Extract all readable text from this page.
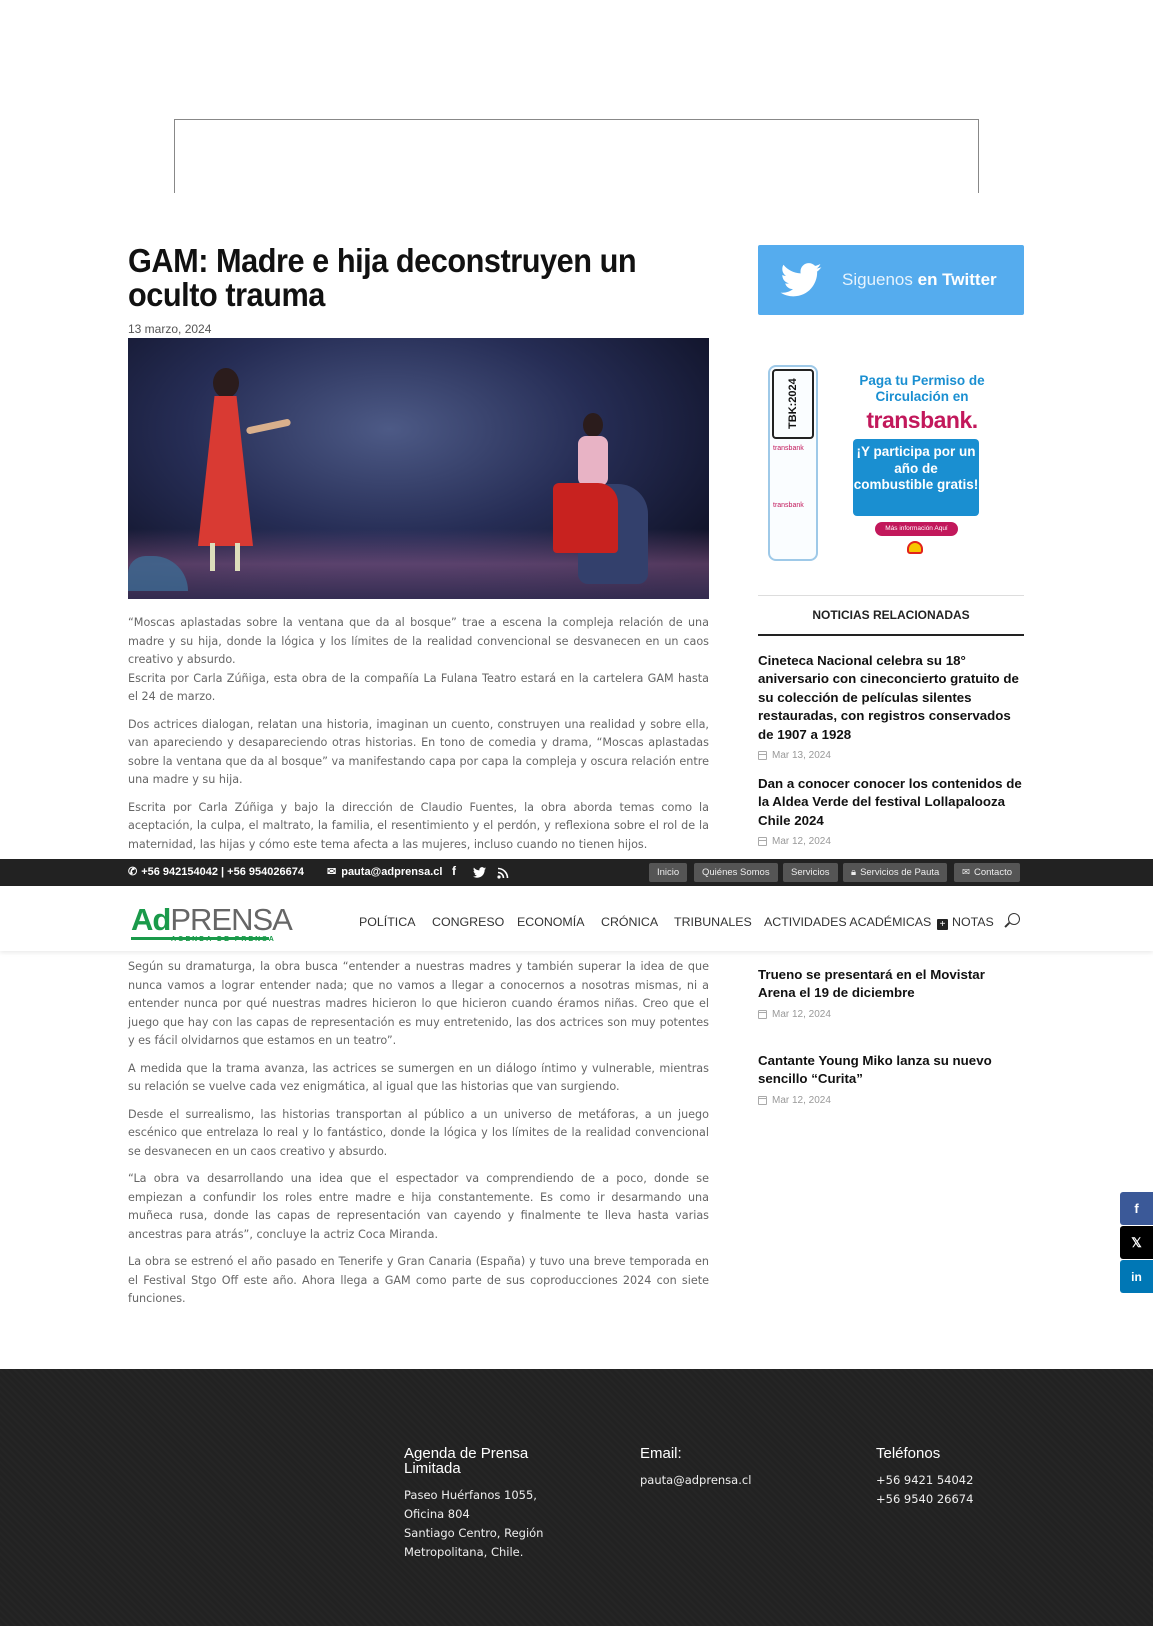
GAM: Madre e hija deconstruyen un oculto trauma
13 marzo, 2024

“Moscas aplastadas sobre la ventana que da al bosque” trae a escena la compleja relación de una madre y su hija, donde la lógica y los límites de la realidad convencional se desvanecen en un caos creativo y absurdo.

Escrita por Carla Zúñiga, esta obra de la compañía La Fulana Teatro estará en la cartelera GAM hasta el 24 de marzo.

Dos actrices dialogan, relatan una historia, imaginan un cuento, construyen una realidad y sobre ella, van apareciendo y desapareciendo otras historias. En tono de comedia y drama, “Moscas aplastadas sobre la ventana que da al bosque” va manifestando capa por capa la compleja y oscura relación entre una madre y su hija.

Escrita por Carla Zúñiga y bajo la dirección de Claudio Fuentes, la obra aborda temas como la aceptación, la culpa, el maltrato, la familia, el resentimiento y el perdón, y reflexiona sobre el rol de la maternidad, las hijas y cómo este tema afecta a las mujeres, incluso cuando no tienen hijos.

Según su dramaturga, la obra busca “entender a nuestras madres y también superar la idea de que nunca vamos a lograr entender nada; que no vamos a llegar a conocernos a nosotras mismas, ni a entender nunca por qué nuestras madres hicieron lo que hicieron cuando éramos niñas. Creo que el juego que hay con las capas de representación es muy entretenido, las dos actrices son muy potentes y es fácil olvidarnos que estamos en un teatro”.

A medida que la trama avanza, las actrices se sumergen en un diálogo íntimo y vulnerable, mientras su relación se vuelve cada vez enigmática, al igual que las historias que van surgiendo.

Desde el surrealismo, las historias transportan al público a un universo de metáforas, a un juego escénico que entrelaza lo real y lo fantástico, donde la lógica y los límites de la realidad convencional se desvanecen en un caos creativo y absurdo.

“La obra va desarrollando una idea que el espectador va comprendiendo de a poco, donde se empiezan a confundir los roles entre madre e hija constantemente. Es como ir desarmando una muñeca rusa, donde las capas de representación van cayendo y finalmente te lleva hasta varias ancestras para atrás”, concluye la actriz Coca Miranda.

La obra se estrenó el año pasado en Tenerife y Gran Canaria (España) y tuvo una breve temporada en el Festival Stgo Off este año. Ahora llega a GAM como parte de sus coproducciones 2024 con siete funciones.

Siguenos en Twitter
TBK:2024
transbank
transbank
Paga tu Permiso de Circulación en
transbank.
¡Y participa por un año de combustible gratis!
Más información Aquí
NOTICIAS RELACIONADAS
Cineteca Nacional celebra su 18° aniversario con cineconcierto gratuito de su colección de películas silentes restauradas, con registros conservados de 1907 a 1928
Mar 13, 2024
Dan a conocer conocer los contenidos de la Aldea Verde del festival Lollapalooza Chile 2024
Mar 12, 2024
Trueno se presentará en el Movistar Arena el 19 de diciembre
Mar 12, 2024
Cantante Young Miko lanza su nuevo sencillo “Curita”
Mar 12, 2024
✆ +56 942154042 | +56 954026674 ✉ pauta@adprensa.cl f	Inicio Quiénes Somos Servicios 🔒︎ Servicios de Pauta ✉ Contacto
AdPRENSA
AGENDA DE PRENSA
POLÍTICA CONGRESO ECONOMÍA CRÓNICA TRIBUNALES ACTIVIDADES ACADÉMICAS + NOTAS
Agenda de Prensa Limitada
Paseo Huérfanos 1055,
Oficina 804
Santiago Centro, Región
Metropolitana, Chile.
Email:
pauta@adprensa.cl
Teléfonos
+56 9421 54042
+56 9540 26674
f
𝕏
in
